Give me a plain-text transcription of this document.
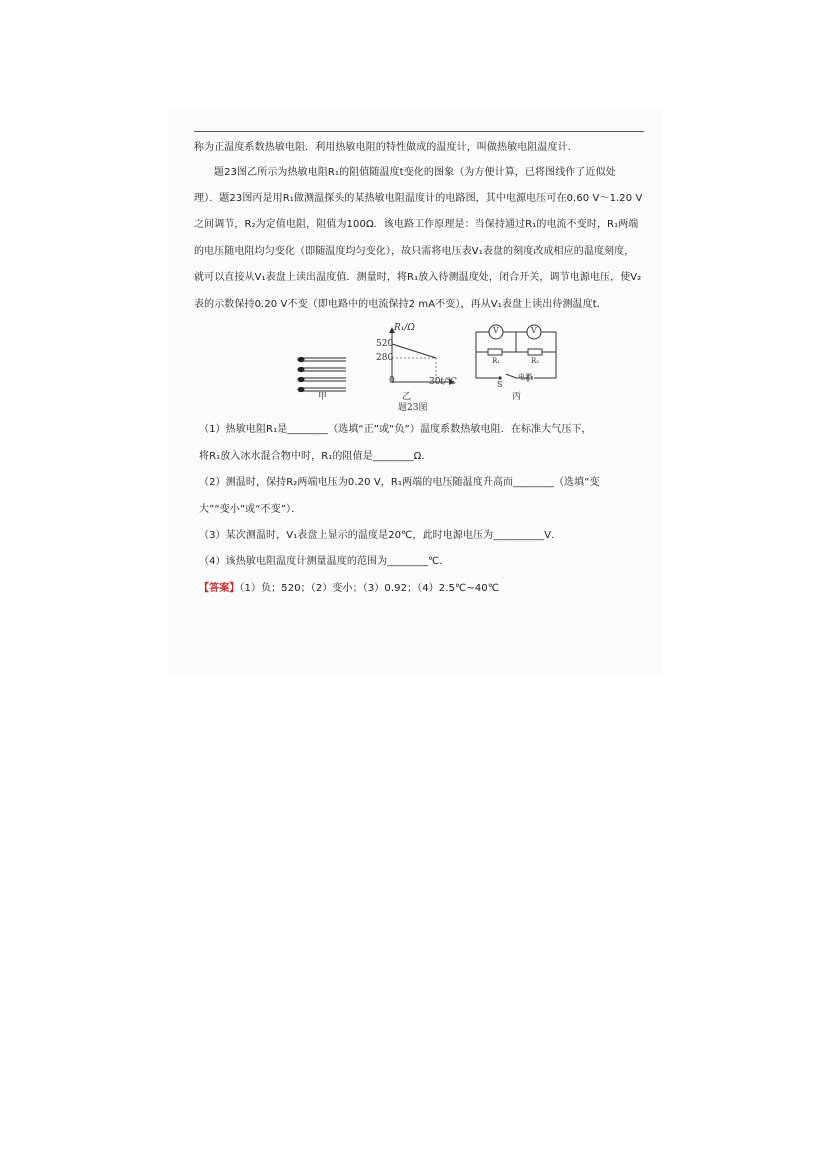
称为正温度系数热敏电阻．利用热敏电阻的特性做成的温度计，叫做热敏电阻温度计．
题23图乙所示为热敏电阻R₁的阻值随温度t变化的图象（为方便计算，已将图线作了近似处
理）．题23图丙是用R₁做测温探头的某热敏电阻温度计的电路图，其中电源电压可在0.60 V～1.20 V
之间调节，R₂为定值电阻，阻值为100Ω．该电路工作原理是：当保持通过R₁的电流不变时，R₁两端
的电压随电阻均匀变化（即随温度均匀变化），故只需将电压表V₁表盘的刻度改成相应的温度刻度，
就可以直接从V₁表盘上读出温度值．测量时，将R₁放入待测温度处，闭合开关，调节电源电压，使V₂
表的示数保持0.20 V不变（即电路中的电流保持2 mA不变），再从V₁表盘上读出待测温度t．
甲
R₁/Ω
520
280
0	30 t/℃
乙
题23图
V	V
R₁	R₂
S
电源
丙
（1）热敏电阻R₁是________（选填“正”或“负”）温度系数热敏电阻．在标准大气压下，
将R₁放入冰水混合物中时，R₁的阻值是________Ω．
（2）测温时，保持R₂两端电压为0.20 V，R₁两端的电压随温度升高而________（选填“变
大”“变小”或“不变”）．
（3）某次测温时，V₁表盘上显示的温度是20℃，此时电源电压为__________V．
（4）该热敏电阻温度计测量温度的范围为________℃．
【答案】（1）负；520；（2）变小；（3）0.92；（4）2.5℃~40℃
